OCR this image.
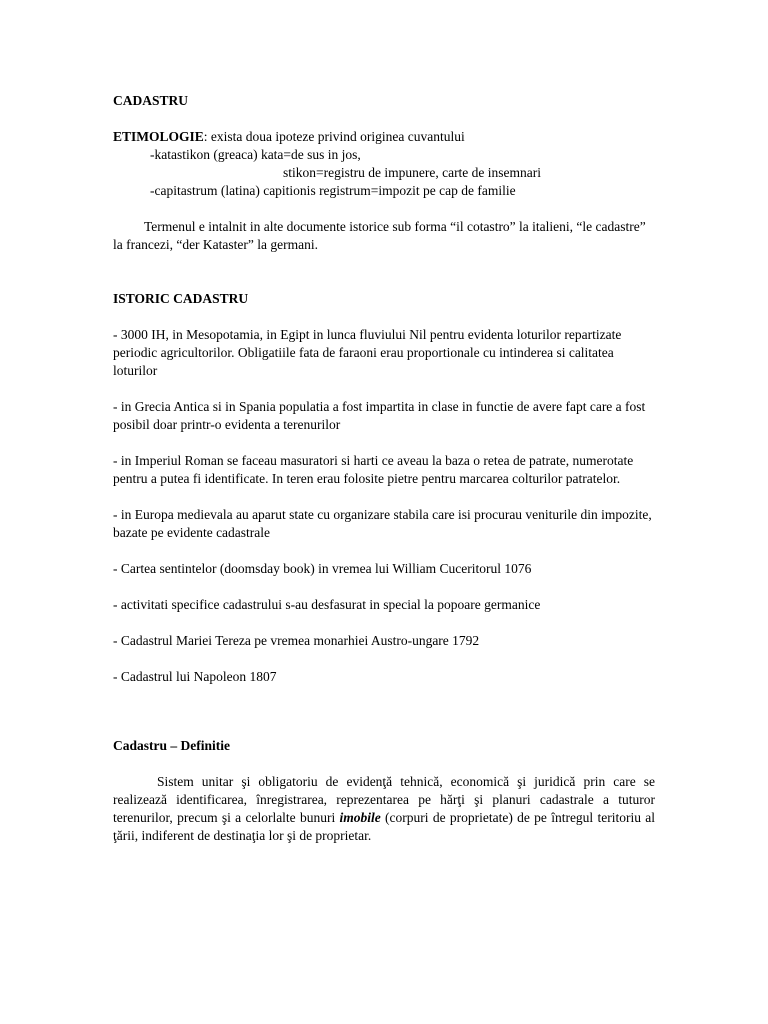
CADASTRU

ETIMOLOGIE: exista doua ipoteze privind originea cuvantului

-katastikon (greaca) kata=de sus in jos,

stikon=registru de impunere, carte de insemnari

-capitastrum (latina) capitionis registrum=impozit pe cap de familie

Termenul e intalnit in alte documente istorice sub forma “il cotastro” la italieni, “le cadastre” la francezi, “der Kataster” la germani.

ISTORIC CADASTRU

- 3000 IH, in Mesopotamia, in Egipt in lunca fluviului Nil pentru evidenta loturilor repartizate periodic agricultorilor. Obligatiile fata de faraoni erau proportionale cu intinderea si calitatea loturilor

- in Grecia Antica si in Spania populatia a fost impartita in clase in functie de avere fapt care a fost posibil doar printr-o evidenta a terenurilor

- in Imperiul Roman se faceau masuratori si harti ce aveau la baza o retea de patrate, numerotate pentru a putea fi identificate. In teren erau folosite pietre pentru marcarea colturilor patratelor.

- in Europa medievala au aparut state cu organizare stabila care isi procurau veniturile din impozite, bazate pe evidente cadastrale

- Cartea sentintelor (doomsday book) in vremea lui William Cuceritorul 1076

- activitati specifice cadastrului s-au desfasurat in special la popoare germanice

- Cadastrul Mariei Tereza pe vremea monarhiei Austro-ungare 1792

- Cadastrul lui Napoleon 1807

Cadastru – Definitie

Sistem unitar şi obligatoriu de evidenţă tehnică, economică şi juridică prin care se realizează identificarea, înregistrarea, reprezentarea pe hărţi şi planuri cadastrale a tuturor terenurilor, precum şi a celorlalte bunuri imobile (corpuri de proprietate) de pe întregul teritoriu al ţării, indiferent de destinaţia lor şi de proprietar.
